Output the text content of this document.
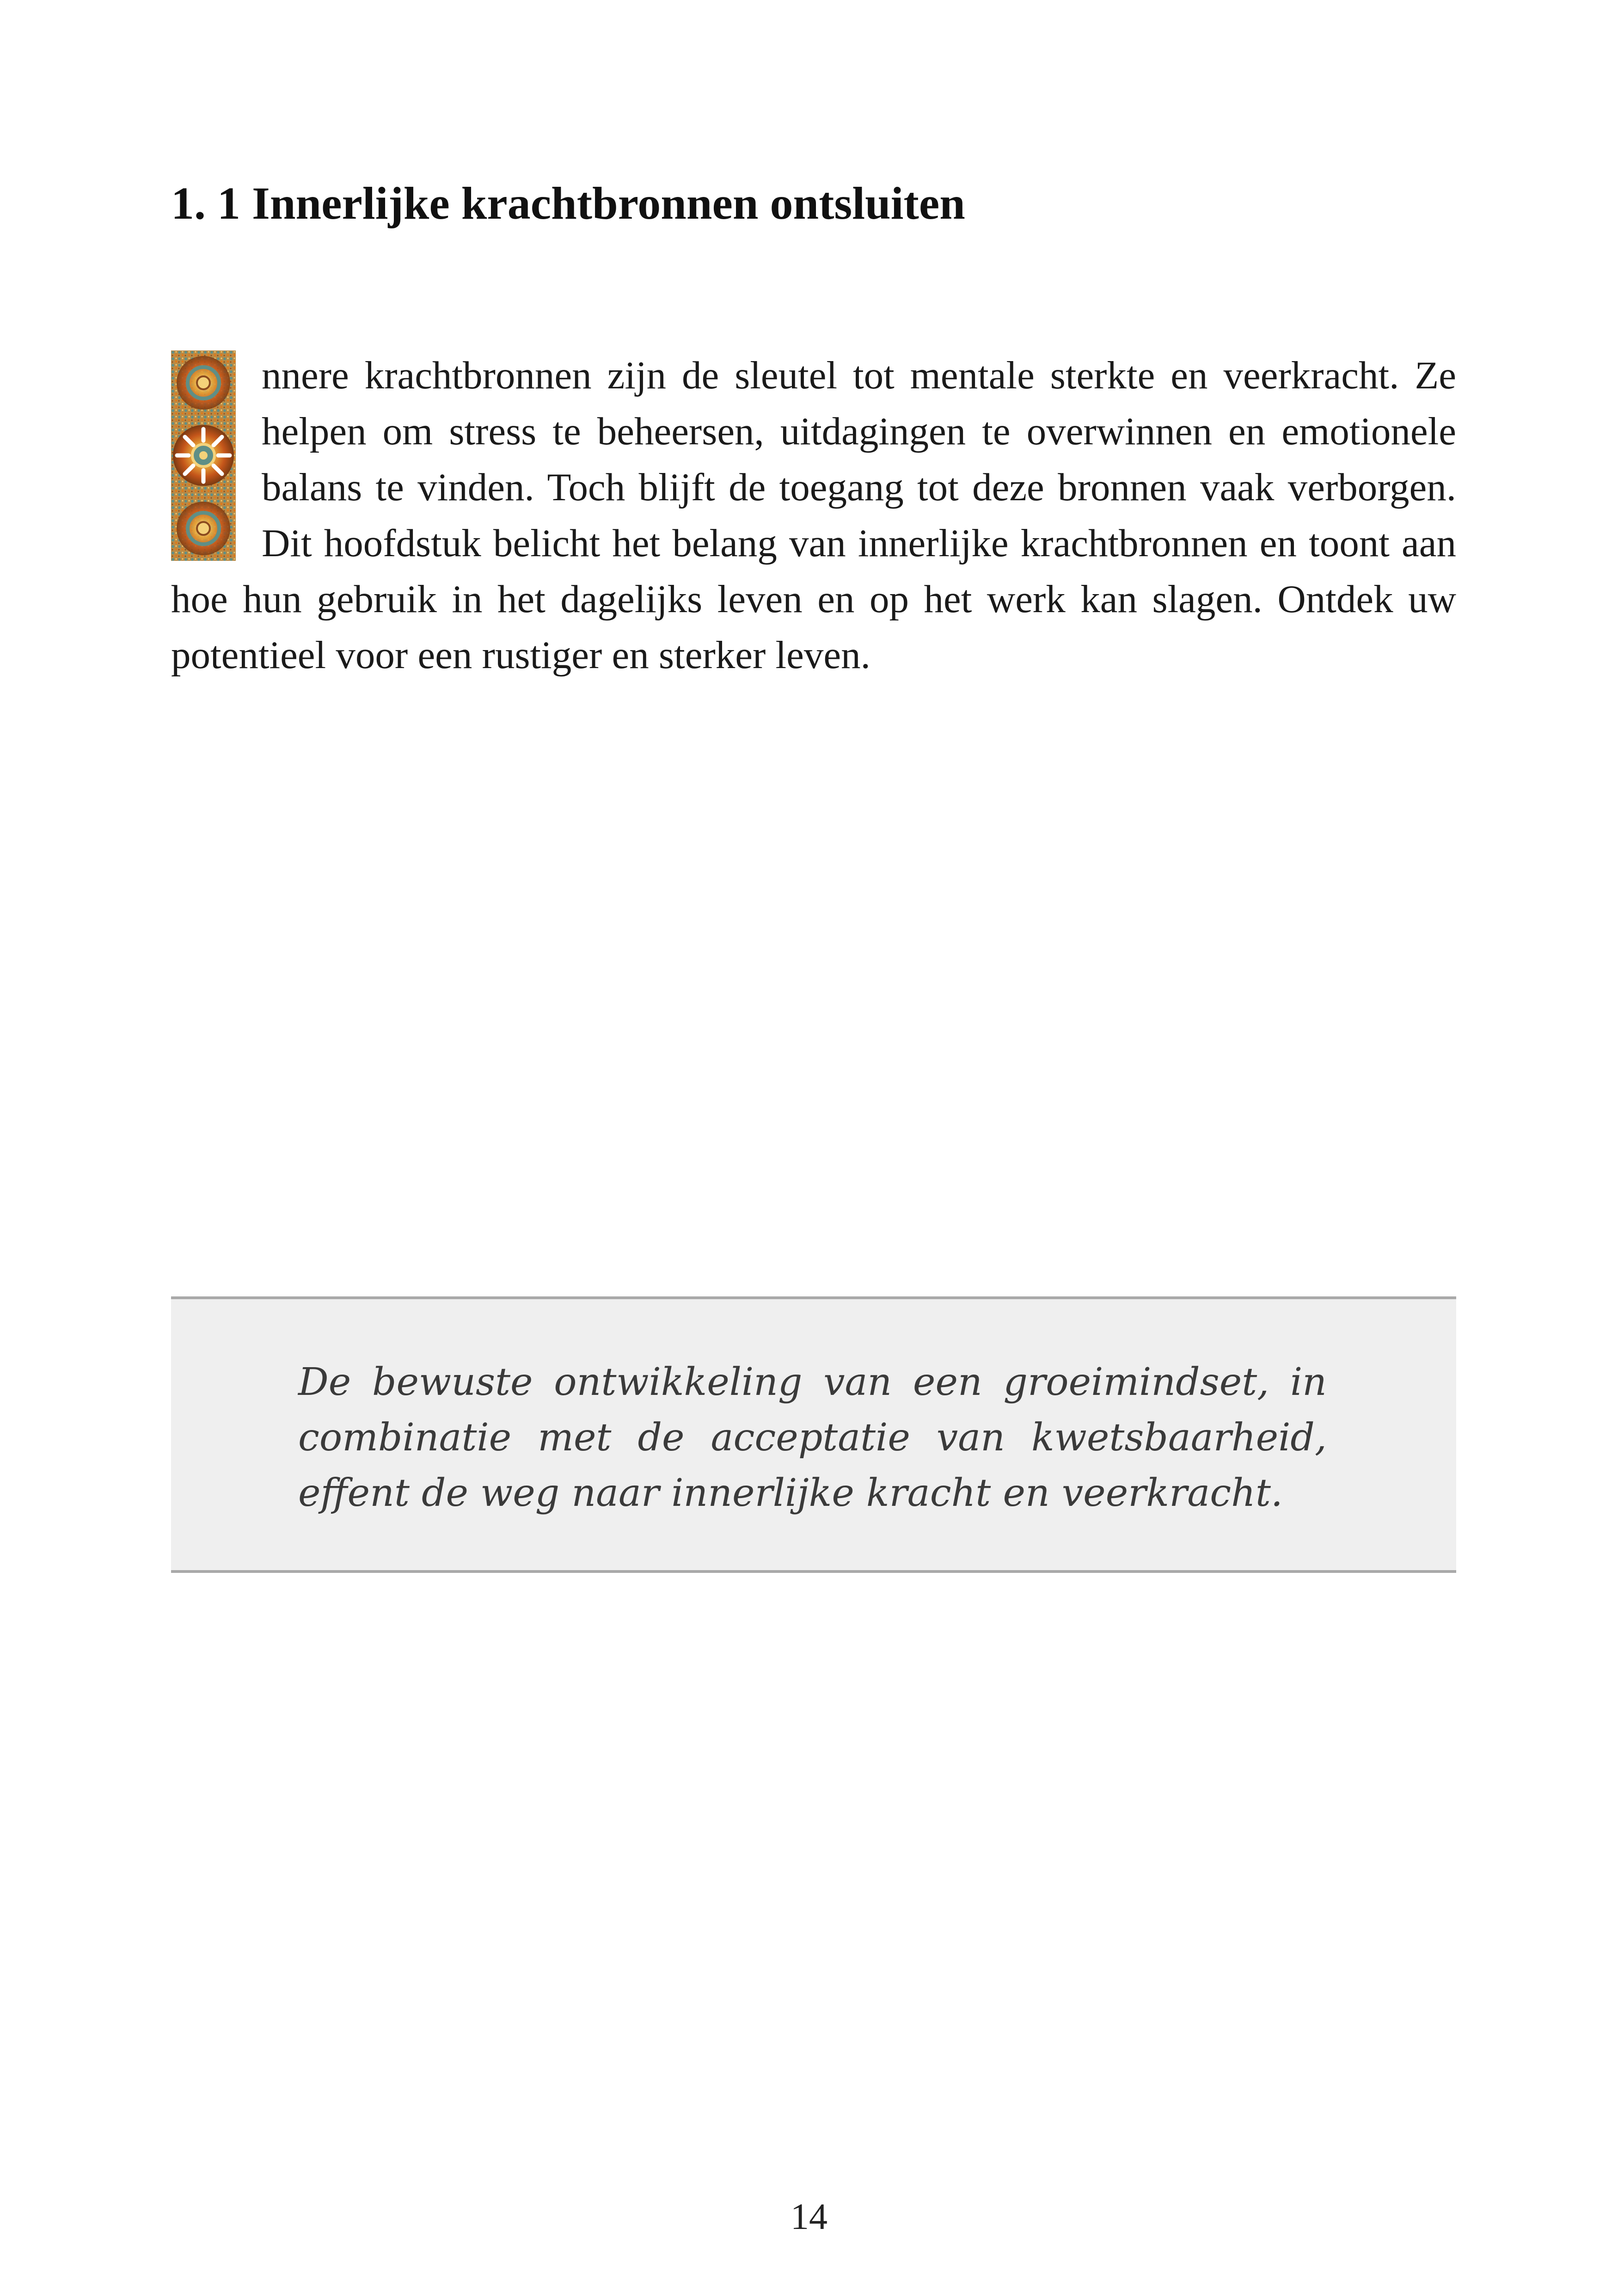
1. 1 Innerlijke krachtbronnen ontsluiten
nnere krachtbronnen zijn de sleutel tot mentale sterkte en veerkracht. Ze helpen om stress te beheersen, uitdagingen te overwinnen en emotionele balans te vinden. Toch blijft de toegang tot deze bronnen vaak verborgen. Dit hoofdstuk belicht het belang van innerlijke krachtbronnen en toont aan hoe hun gebruik in het dagelijks leven en op het werk kan slagen. Ontdek uw potentieel voor een rustiger en sterker leven.
De bewuste ontwikkeling van een groeimindset, in combinatie met de acceptatie van kwetsbaarheid, effent de weg naar innerlijke kracht en veerkracht.
14
